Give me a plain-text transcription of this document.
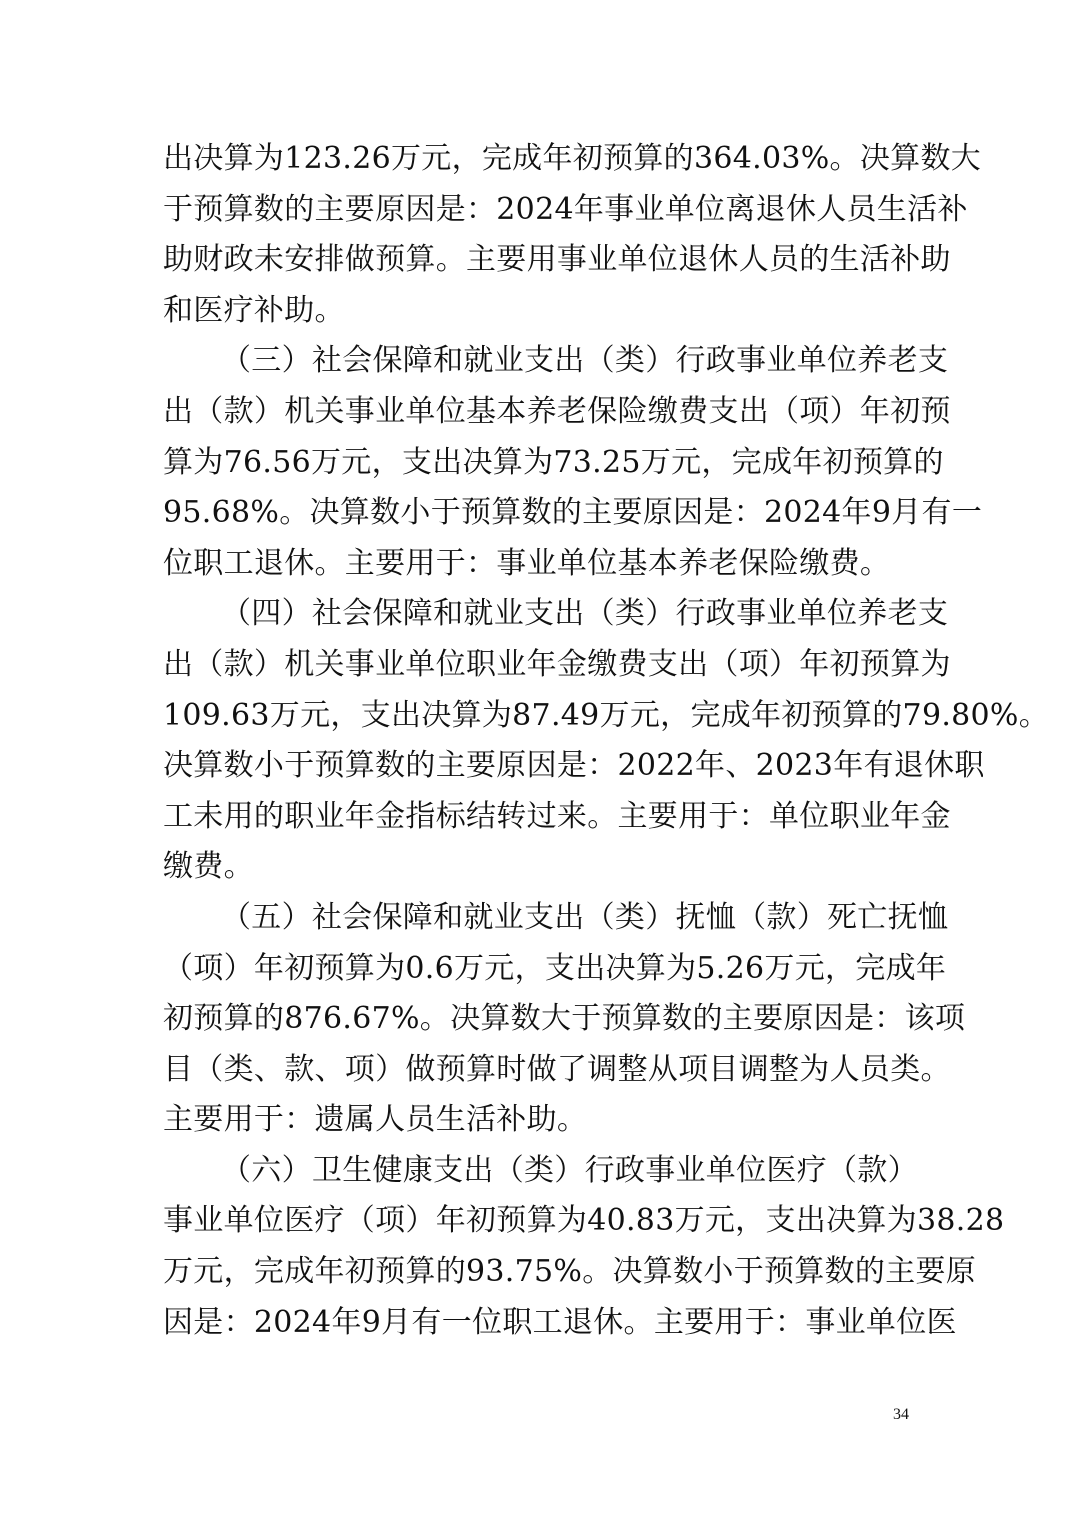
出决算为123.26万元，完成年初预算的364.03%。决算数大
于预算数的主要原因是：2024年事业单位离退休人员生活补
助财政未安排做预算。主要用事业单位退休人员的生活补助
和医疗补助。
（三）社会保障和就业支出（类）行政事业单位养老支
出（款）机关事业单位基本养老保险缴费支出（项）年初预
算为76.56万元，支出决算为73.25万元，完成年初预算的
95.68%。决算数小于预算数的主要原因是：2024年9月有一
位职工退休。主要用于：事业单位基本养老保险缴费。
（四）社会保障和就业支出（类）行政事业单位养老支
出（款）机关事业单位职业年金缴费支出（项）年初预算为
109.63万元，支出决算为87.49万元，完成年初预算的79.80%。
决算数小于预算数的主要原因是：2022年、2023年有退休职
工未用的职业年金指标结转过来。主要用于：单位职业年金
缴费。
（五）社会保障和就业支出（类）抚恤（款）死亡抚恤
（项）年初预算为0.6万元，支出决算为5.26万元，完成年
初预算的876.67%。决算数大于预算数的主要原因是：该项
目（类、款、项）做预算时做了调整从项目调整为人员类。
主要用于：遗属人员生活补助。
（六）卫生健康支出（类）行政事业单位医疗（款）
事业单位医疗（项）年初预算为40.83万元，支出决算为38.28
万元，完成年初预算的93.75%。决算数小于预算数的主要原
因是：2024年9月有一位职工退休。主要用于：事业单位医
34
